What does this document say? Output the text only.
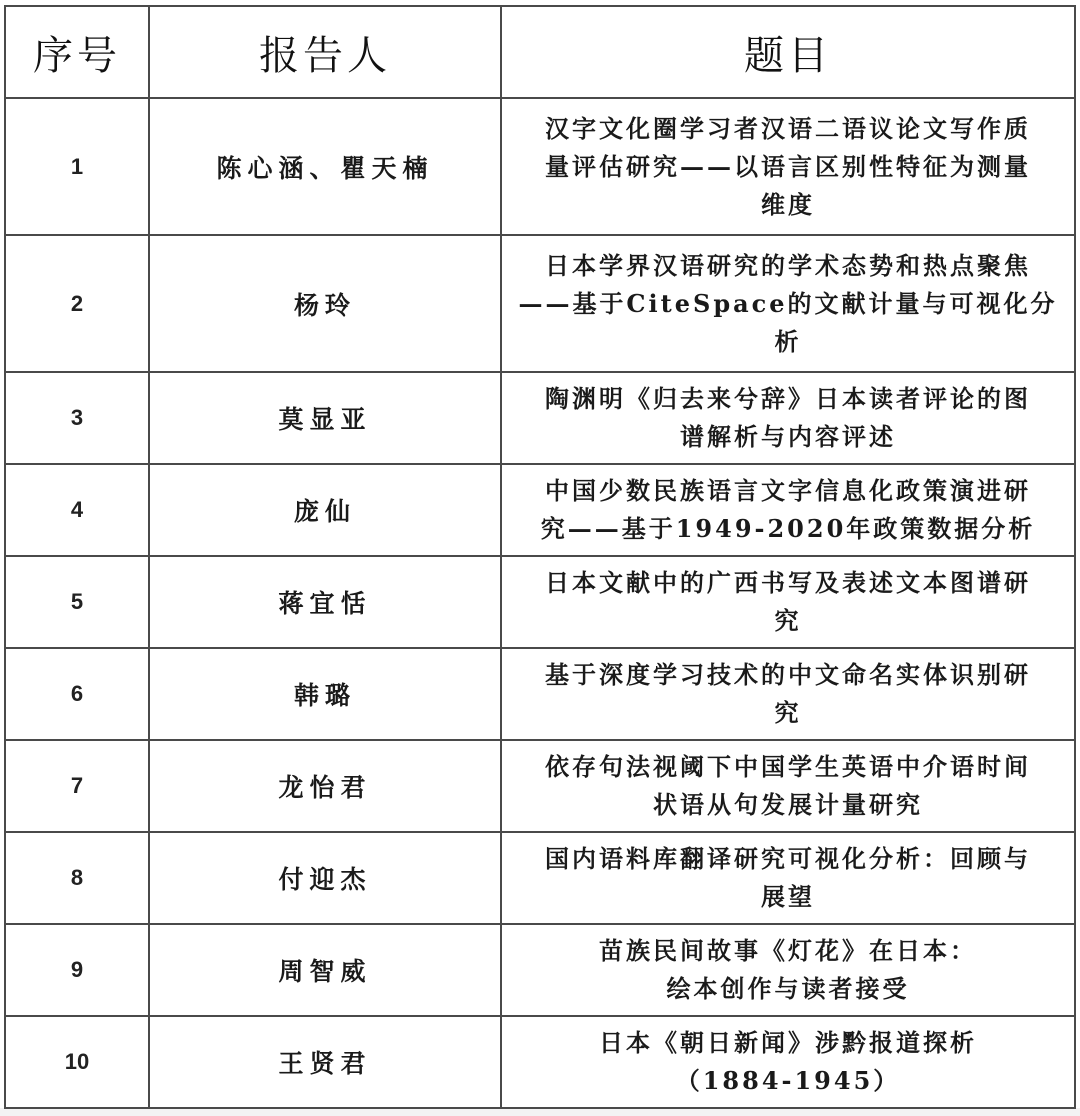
序号	报告人	题目
1	陈心涵、瞿天楠	汉字文化圈学习者汉语二语议论文写作质
量评估研究——以语言区别性特征为测量
维度

2	杨玲	日本学界汉语研究的学术态势和热点聚焦
——基于CiteSpace的文献计量与可视化分
析

3	莫显亚	陶渊明《归去来兮辞》日本读者评论的图
谱解析与内容评述

4	庞仙	中国少数民族语言文字信息化政策演进研
究——基于1949-2020年政策数据分析

5	蒋宜恬	日本文献中的广西书写及表述文本图谱研
究

6	韩璐	基于深度学习技术的中文命名实体识别研
究

7	龙怡君	依存句法视阈下中国学生英语中介语时间
状语从句发展计量研究

8	付迎杰	国内语料库翻译研究可视化分析：回顾与
展望

9	周智威	苗族民间故事《灯花》在日本：
绘本创作与读者接受

10	王贤君	日本《朝日新闻》涉黔报道探析
（1884-1945）
